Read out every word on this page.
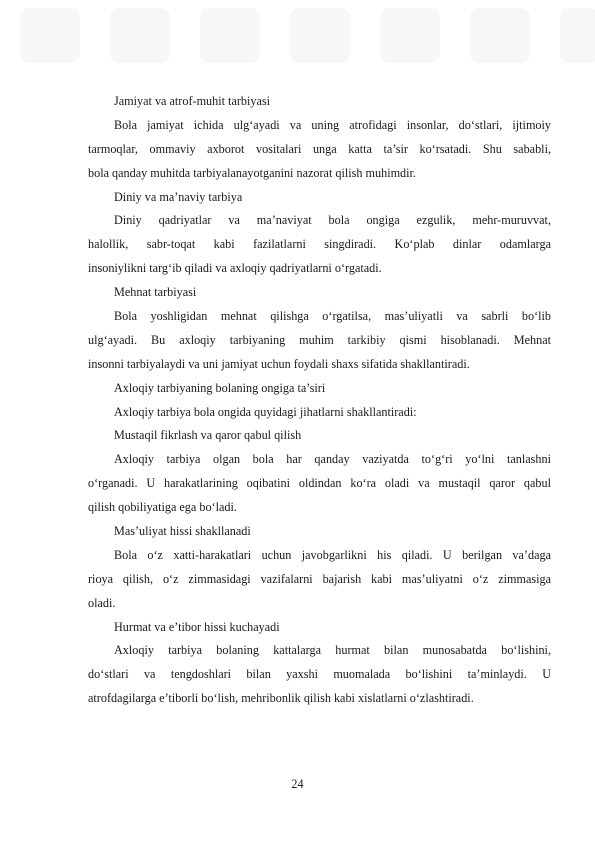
Jamiyat va atrof-muhit tarbiyasi
Bola jamiyat ichida ulg‘ayadi va uning atrofidagi insonlar, do‘stlari, ijtimoiy
tarmoqlar, ommaviy axborot vositalari unga katta ta’sir ko‘rsatadi. Shu sababli,
bola qanday muhitda tarbiyalanayotganini nazorat qilish muhimdir.
Diniy va ma’naviy tarbiya
Diniy qadriyatlar va ma’naviyat bola ongiga ezgulik, mehr-muruvvat,
halollik, sabr-toqat kabi fazilatlarni singdiradi. Ko‘plab dinlar odamlarga
insoniylikni targ‘ib qiladi va axloqiy qadriyatlarni o‘rgatadi.
Mehnat tarbiyasi
Bola yoshligidan mehnat qilishga o‘rgatilsa, mas’uliyatli va sabrli bo‘lib
ulg‘ayadi. Bu axloqiy tarbiyaning muhim tarkibiy qismi hisoblanadi. Mehnat
insonni tarbiyalaydi va uni jamiyat uchun foydali shaxs sifatida shakllantiradi.
Axloqiy tarbiyaning bolaning ongiga ta’siri
Axloqiy tarbiya bola ongida quyidagi jihatlarni shakllantiradi:
Mustaqil fikrlash va qaror qabul qilish
Axloqiy tarbiya olgan bola har qanday vaziyatda to‘g‘ri yo‘lni tanlashni
o‘rganadi. U harakatlarining oqibatini oldindan ko‘ra oladi va mustaqil qaror qabul
qilish qobiliyatiga ega bo‘ladi.
Mas’uliyat hissi shakllanadi
Bola o‘z xatti-harakatlari uchun javobgarlikni his qiladi. U berilgan va’daga
rioya qilish, o‘z zimmasidagi vazifalarni bajarish kabi mas’uliyatni o‘z zimmasiga
oladi.
Hurmat va e’tibor hissi kuchayadi
Axloqiy tarbiya bolaning kattalarga hurmat bilan munosabatda bo‘lishini,
do‘stlari va tengdoshlari bilan yaxshi muomalada bo‘lishini ta’minlaydi. U
atrofdagilarga e’tiborli bo‘lish, mehribonlik qilish kabi xislatlarni o‘zlashtiradi.
24
